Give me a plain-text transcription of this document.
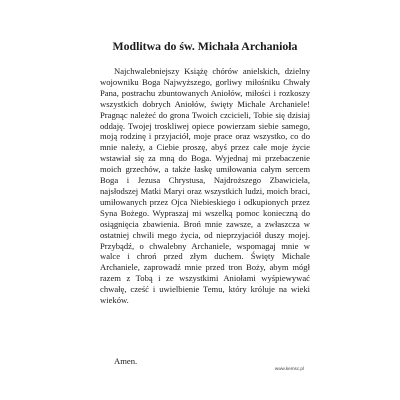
Modlitwa do św. Michała Archanioła

Najchwalebniejszy Książę chórów anielskich, dzielny wojowniku Boga Najwyższego, gorliwy miłośniku Chwały Pana, postrachu zbuntowanych Aniołów, miłości i rozkoszy wszystkich dobrych Aniołów, święty Michale Archaniele! Pragnąc należeć do grona Twoich czcicieli, Tobie się dzisiaj oddaję. Twojej troskliwej opiece powierzam siebie samego, moją rodzinę i przyjaciół, moje prace oraz wszystko, co do mnie należy, a Ciebie proszę, abyś przez całe moje życie wstawiał się za mną do Boga. Wyjednaj mi przebaczenie moich grzechów, a także łaskę umiłowania całym sercem Boga i Jezusa Chrystusa, Najdroższego Zbawiciela, najsłodszej Matki Maryi oraz wszystkich ludzi, moich braci, umiłowanych przez Ojca Niebieskiego i odkupionych przez Syna Bożego. Wypraszaj mi wszelką pomoc konieczną do osiągnięcia zbawienia. Broń mnie zawsze, a zwłaszcza w ostatniej chwili mego życia, od nieprzyjaciół duszy mojej. Przybądź, o chwalebny Archaniele, wspomagaj mnie w walce i chroń przed złym duchem. Święty Michale Archaniele, zaprowadź mnie przed tron Boży, abym mógł razem z Tobą i ze wszystkimi Aniołami wyśpiewywać chwałę, cześć i uwielbienie Temu, który króluje na wieki wieków.

Amen.

www.kemsc.pl
